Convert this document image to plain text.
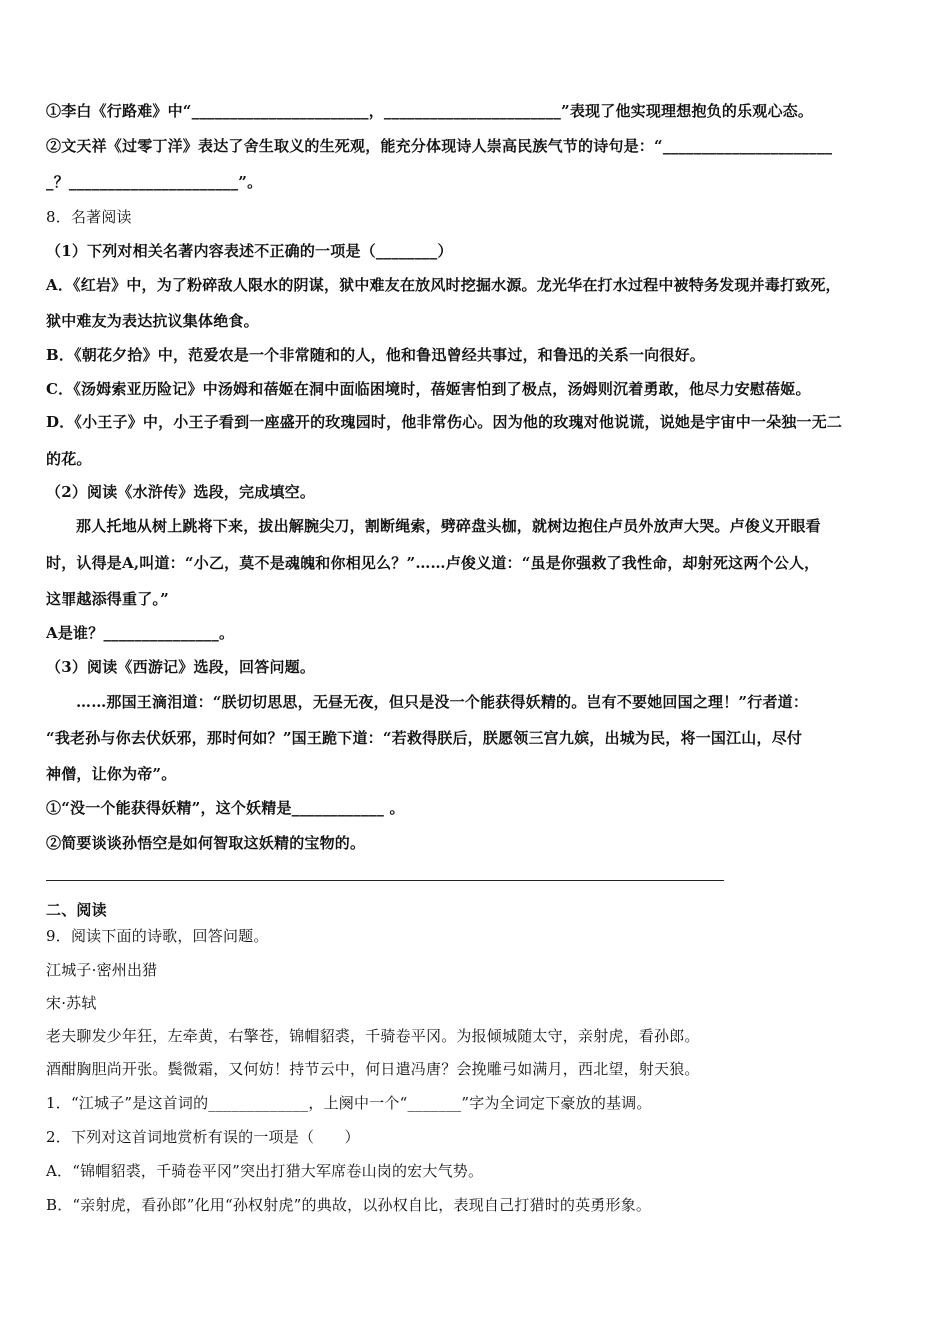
①李白《行路难》中“_______________________，_______________________”表现了他实现理想抱负的乐观心态。
②文天祥《过零丁洋》表达了舍生取义的生死观，能充分体现诗人崇高民族气节的诗句是：“______________________
_？______________________”。
8．名著阅读
（1）下列对相关名著内容表述不正确的一项是（________）
A．《红岩》中，为了粉碎敌人限水的阴谋，狱中难友在放风时挖掘水源。龙光华在打水过程中被特务发现并毒打致死，
狱中难友为表达抗议集体绝食。
B．《朝花夕拾》中，范爱农是一个非常随和的人，他和鲁迅曾经共事过，和鲁迅的关系一向很好。
C．《汤姆索亚历险记》中汤姆和蓓姬在洞中面临困境时，蓓姬害怕到了极点，汤姆则沉着勇敢，他尽力安慰蓓姬。
D．《小王子》中，小王子看到一座盛开的玫瑰园时，他非常伤心。因为他的玫瑰对他说谎，说她是宇宙中一朵独一无二
的花。
（2）阅读《水浒传》选段，完成填空。
那人托地从树上跳将下来，拔出解腕尖刀，割断绳索，劈碎盘头枷，就树边抱住卢员外放声大哭。卢俊义开眼看
时，认得是A,叫道：“小乙，莫不是魂魄和你相见么？”……卢俊义道：“虽是你强救了我性命，却射死这两个公人，
这罪越添得重了。”
A是谁？_______________。
（3）阅读《西游记》选段，回答问题。
……那国王滴泪道：“朕切切思思，无昼无夜，但只是没一个能获得妖精的。岂有不要她回国之理！”行者道：
“我老孙与你去伏妖邪，那时何如？”国王跪下道：“若救得朕后，朕愿领三宫九嫔，出城为民，将一国江山，尽付
神僧，让你为帝”。
①“没一个能获得妖精”，这个妖精是____________ 。
②简要谈谈孙悟空是如何智取这妖精的宝物的。
二、阅读
9．阅读下面的诗歌，回答问题。
江城子·密州出猎
宋·苏轼
老夫聊发少年狂，左牵黄，右擎苍，锦帽貂裘，千骑卷平冈。为报倾城随太守，亲射虎，看孙郎。
酒酣胸胆尚开张。鬓微霜，又何妨！持节云中，何日遣冯唐？会挽雕弓如满月，西北望，射天狼。
1．“江城子”是这首词的_____________，上阕中一个“_______”字为全词定下豪放的基调。
2．下列对这首词地赏析有误的一项是（　　）
A．“锦帽貂裘，千骑卷平冈”突出打猎大军席卷山岗的宏大气势。
B．“亲射虎，看孙郎”化用“孙权射虎”的典故，以孙权自比，表现自己打猎时的英勇形象。
